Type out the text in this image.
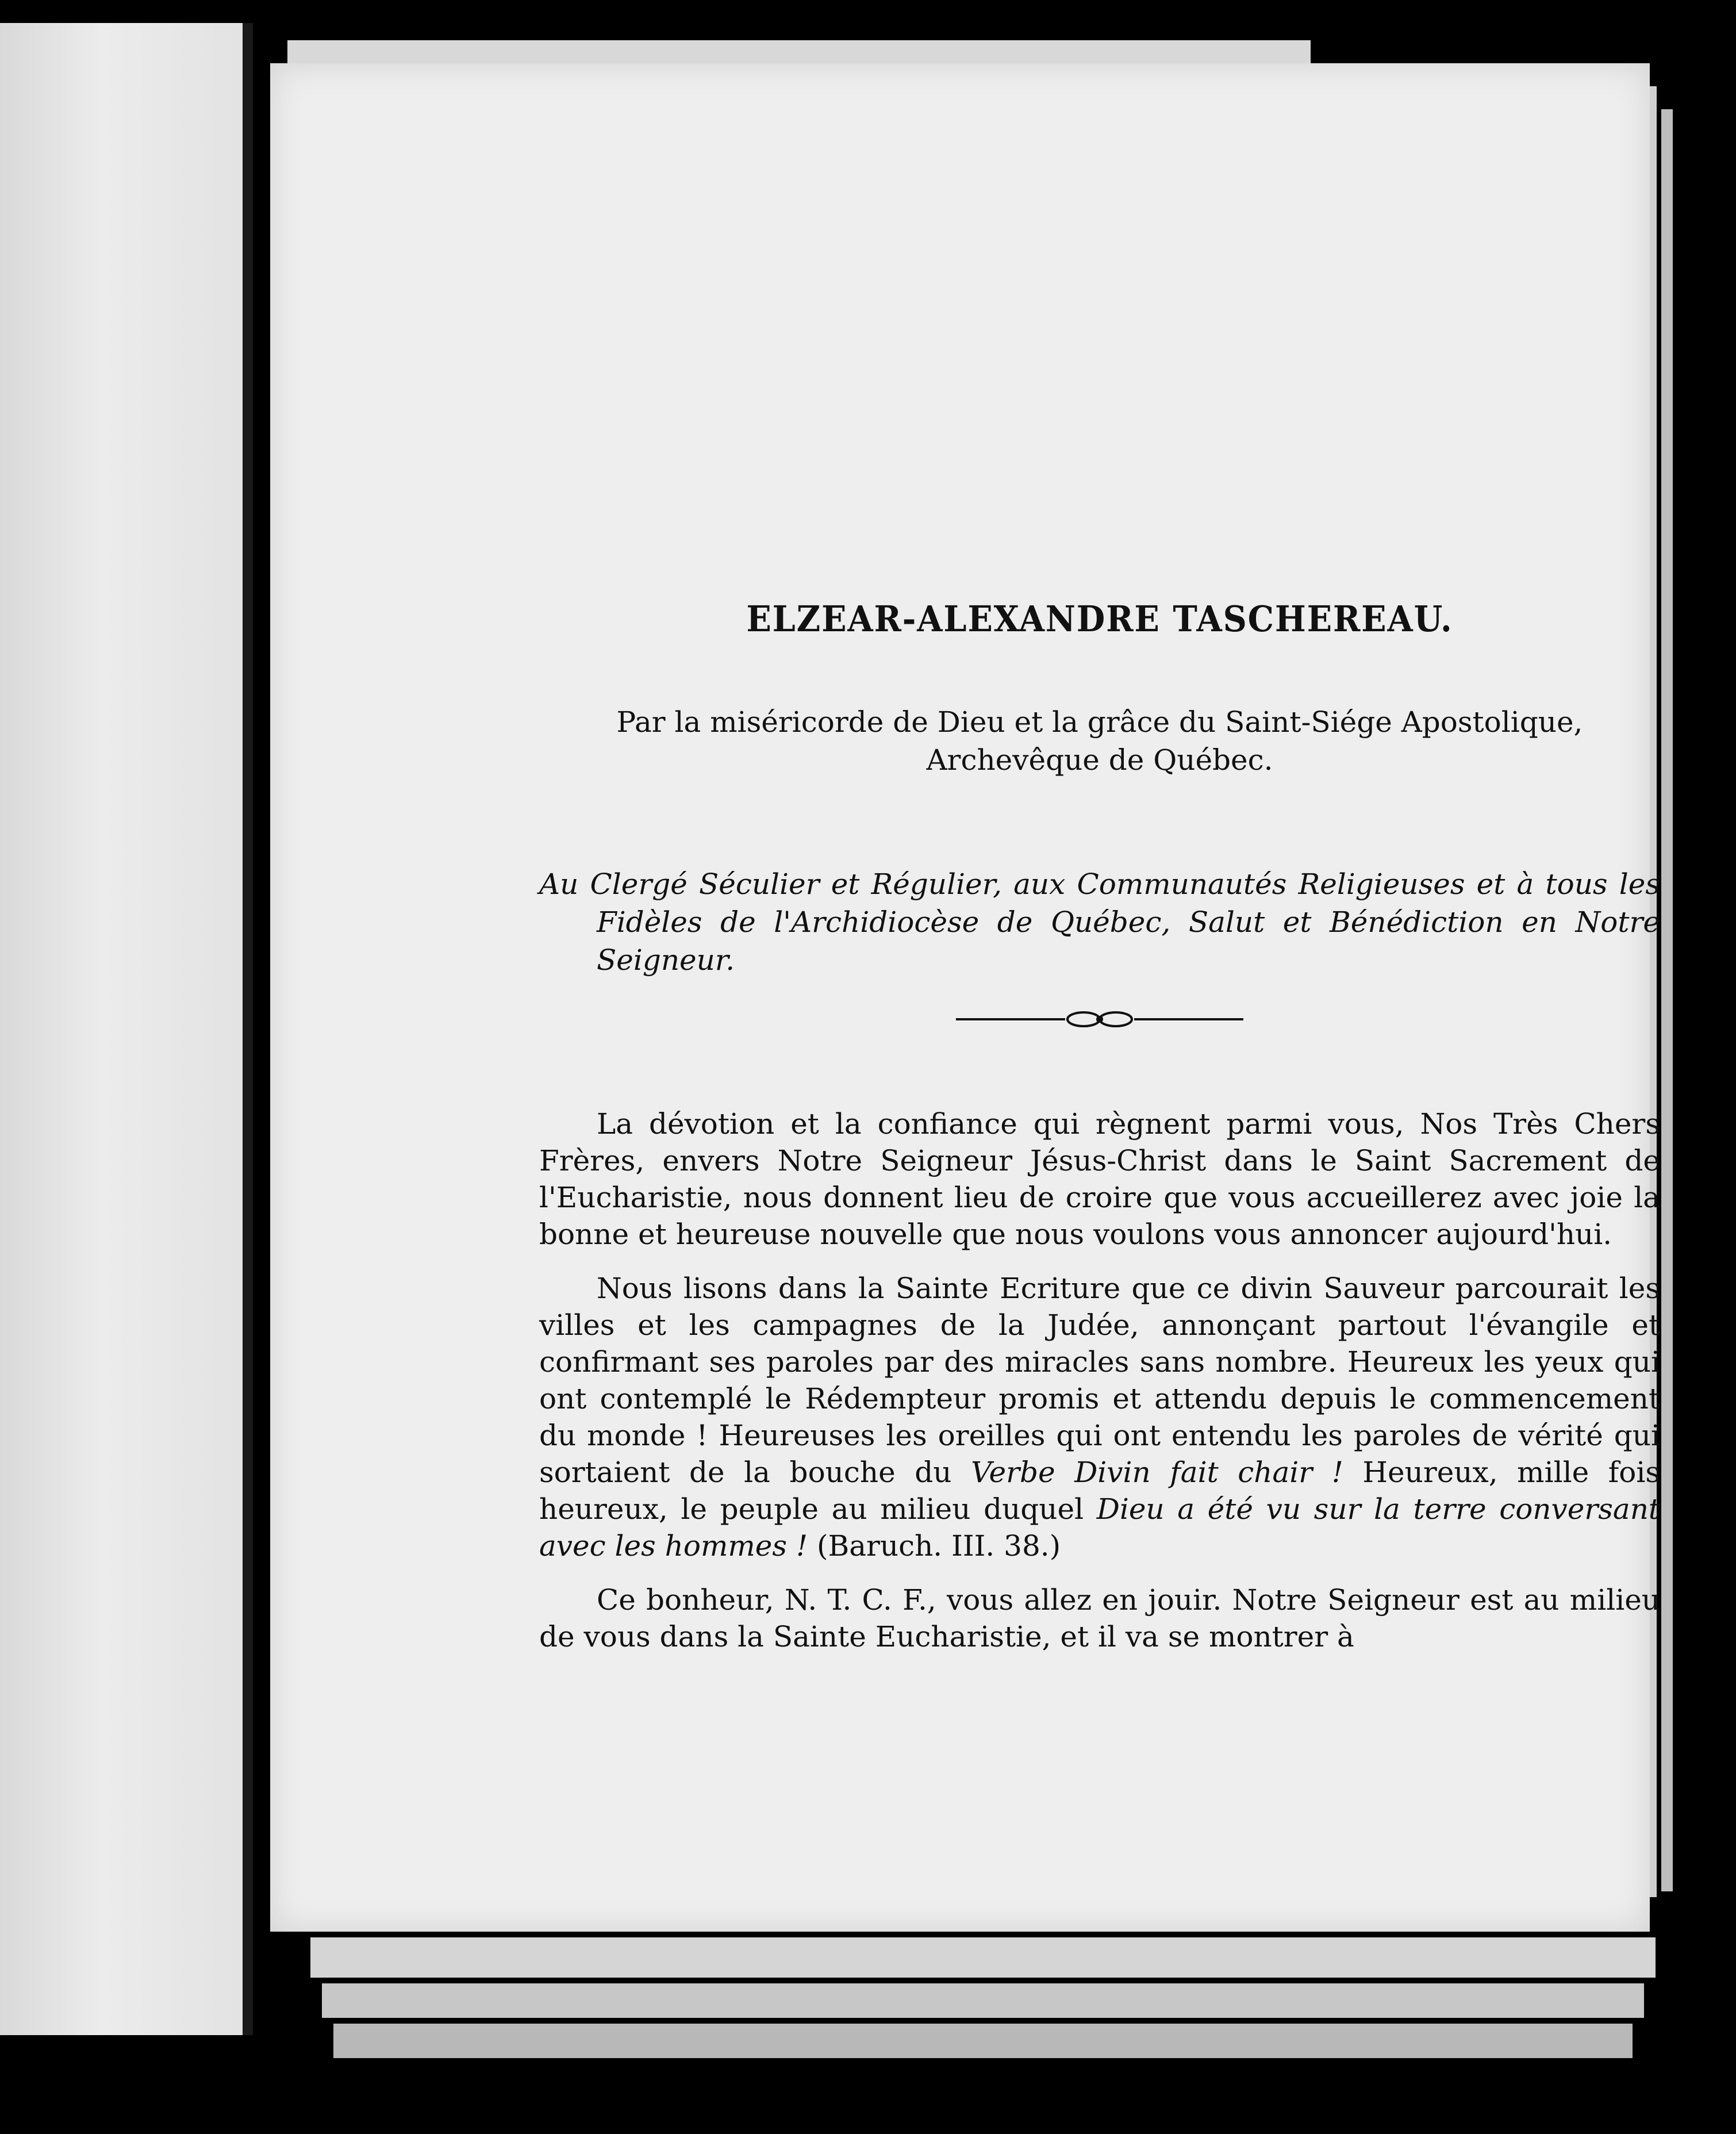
ELZEAR-ALEXANDRE TASCHEREAU.
Par la miséricorde de Dieu et la grâce du Saint-Siége Apostolique,
Archevêque de Québec.
Au Clergé Séculier et Régulier, aux Communautés Religieuses et à tous les Fidèles de l'Archidiocèse de Québec, Salut et Bénédiction en Notre Seigneur.

La dévotion et la confiance qui règnent parmi vous, Nos Très Chers Frères, envers Notre Seigneur Jésus-Christ dans le Saint Sacrement de l'Eucharistie, nous donnent lieu de croire que vous accueillerez avec joie la bonne et heureuse nouvelle que nous voulons vous annoncer aujourd'hui.

Nous lisons dans la Sainte Ecriture que ce divin Sauveur parcourait les villes et les campagnes de la Judée, annonçant partout l'évangile et confirmant ses paroles par des miracles sans nombre. Heureux les yeux qui ont contemplé le Rédempteur promis et attendu depuis le commencement du monde ! Heureuses les oreilles qui ont entendu les paroles de vérité qui sortaient de la bouche du Verbe Divin fait chair ! Heureux, mille fois heureux, le peuple au milieu duquel Dieu a été vu sur la terre conversant avec les hommes ! (Baruch. III. 38.)

Ce bonheur, N. T. C. F., vous allez en jouir. Notre Seigneur est au milieu de vous dans la Sainte Eucharistie, et il va se montrer à
